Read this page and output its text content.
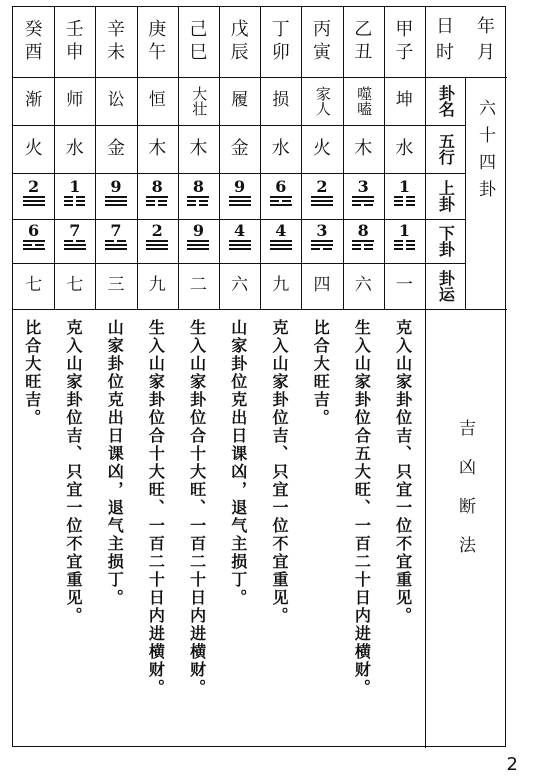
日
时
年
月
卦名
五行
上卦
下卦
卦运
六十四卦
吉凶断法
甲
子
坤
水
1
1
一
克入山家卦位吉、只宜一位不宜重见。
乙
丑
噬嗑
木
3
8
六
生入山家卦位合五大旺、一百二十日内进横财。
丙
寅
家人
火
2
3
四
比合大旺吉。
丁
卯
损
水
6
4
九
克入山家卦位吉、只宜一位不宜重见。
戊
辰
履
金
9
4
六
山家卦位克出日课凶，退气主损丁。
己
巳
大壮
木
8
9
二
生入山家卦位合十大旺、一百二十日内进横财。
庚
午
恒
木
8
2
九
生入山家卦位合十大旺、一百二十日内进横财。
辛
未
讼
金
9
7
三
山家卦位克出日课凶，退气主损丁。
壬
申
师
水
1
7
七
克入山家卦位吉、只宜一位不宜重见。
癸
酉
渐
火
2
6
七
比合大旺吉。
2
